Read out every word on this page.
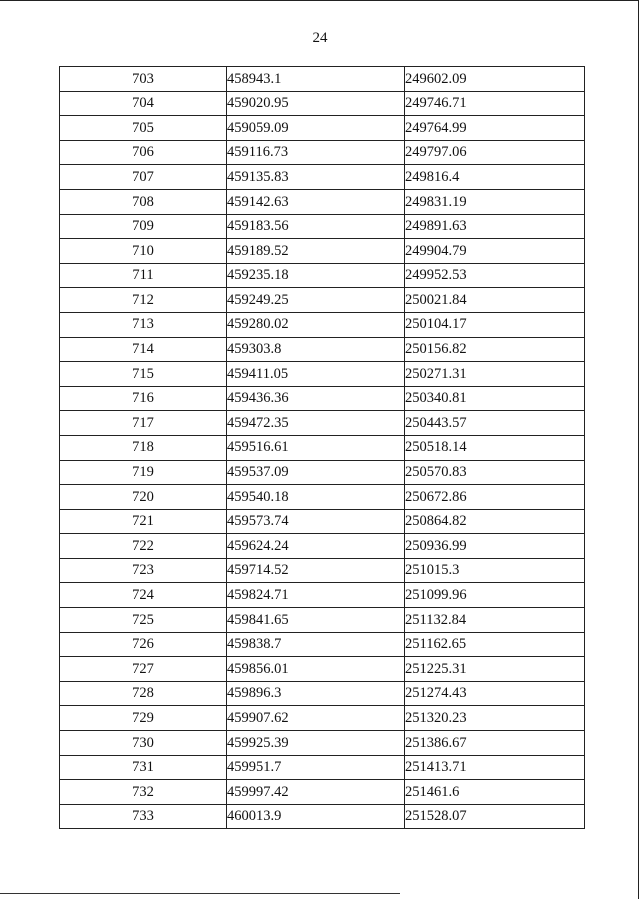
24
703	458943.1	249602.09
704	459020.95	249746.71
705	459059.09	249764.99
706	459116.73	249797.06
707	459135.83	249816.4
708	459142.63	249831.19
709	459183.56	249891.63
710	459189.52	249904.79
711	459235.18	249952.53
712	459249.25	250021.84
713	459280.02	250104.17
714	459303.8	250156.82
715	459411.05	250271.31
716	459436.36	250340.81
717	459472.35	250443.57
718	459516.61	250518.14
719	459537.09	250570.83
720	459540.18	250672.86
721	459573.74	250864.82
722	459624.24	250936.99
723	459714.52	251015.3
724	459824.71	251099.96
725	459841.65	251132.84
726	459838.7	251162.65
727	459856.01	251225.31
728	459896.3	251274.43
729	459907.62	251320.23
730	459925.39	251386.67
731	459951.7	251413.71
732	459997.42	251461.6
733	460013.9	251528.07
